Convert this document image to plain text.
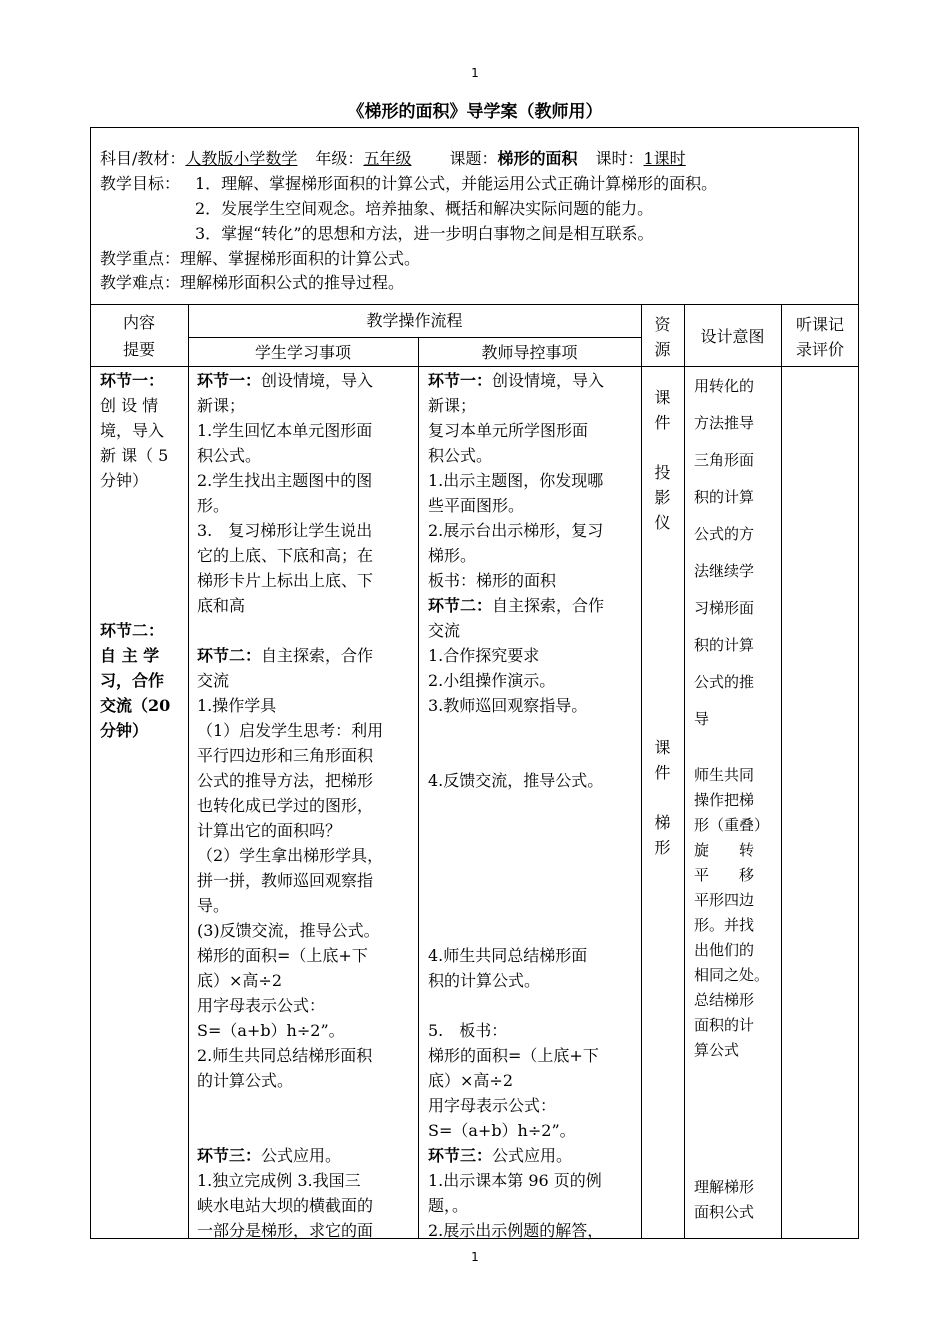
1
《梯形的面积》导学案（教师用）
科目/教材：人教版小学数学 年级：五年级 课题：梯形的面积 课时：1课时
教学目标： 1．理解、掌握梯形面积的计算公式，并能运用公式正确计算梯形的面积。
2．发展学生空间观念。培养抽象、概括和解决实际问题的能力。
3．掌握“转化”的思想和方法，进一步明白事物之间是相互联系。
教学重点：理解、掌握梯形面积的计算公式。
教学难点：理解梯形面积公式的推导过程。
内容
提要
教学操作流程
学生学习事项	教师导控事项
资
源
设计意图
听课记
录评价
环节一：
创 设 情
境，导入
新 课（ 5
分钟）
环节二：
自 主 学
习，合作
交流（20
分钟）
环节一：创设情境，导入
新课；
1.学生回忆本单元图形面
积公式。
2.学生找出主题图中的图
形。
3.　复习梯形让学生说出
它的上底、下底和高；在
梯形卡片上标出上底、下
底和高
环节二：自主探索，合作
交流
1.操作学具
（1）启发学生思考：利用
平行四边形和三角形面积
公式的推导方法，把梯形
也转化成已学过的图形，
计算出它的面积吗？
（2）学生拿出梯形学具，
拼一拼，教师巡回观察指
导。
(3)反馈交流，推导公式。
梯形的面积=（上底+下
底）×高÷2
用字母表示公式：
S=（a+b）h÷2”。
2.师生共同总结梯形面积
的计算公式。
环节三：公式应用。
1.独立完成例 3.我国三
峡水电站大坝的横截面的
一部分是梯形，求它的面
环节一：创设情境，导入
新课；
复习本单元所学图形面
积公式。
1.出示主题图，你发现哪
些平面图形。
2.展示台出示梯形，复习
梯形。
板书：梯形的面积
环节二：自主探索，合作
交流
1.合作探究要求
2.小组操作演示。
3.教师巡回观察指导。
4.反馈交流，推导公式。
4.师生共同总结梯形面
积的计算公式。
5.　板书：
梯形的面积=（上底+下
底）×高÷2
用字母表示公式：
S=（a+b）h÷2”。
环节三：公式应用。
1.出示课本第 96 页的例
题，。
2.展示出示例题的解答，
课
件
投
影
仪
课
件
梯
形
用转化的
方法推导
三角形面
积的计算
公式的方
法继续学
习梯形面
积的计算
公式的推
导
师生共同
操作把梯
形（重叠）
旋　　转
平　　移
平形四边
形。并找
出他们的
相同之处。
总结梯形
面积的计
算公式
理解梯形
面积公式
1
